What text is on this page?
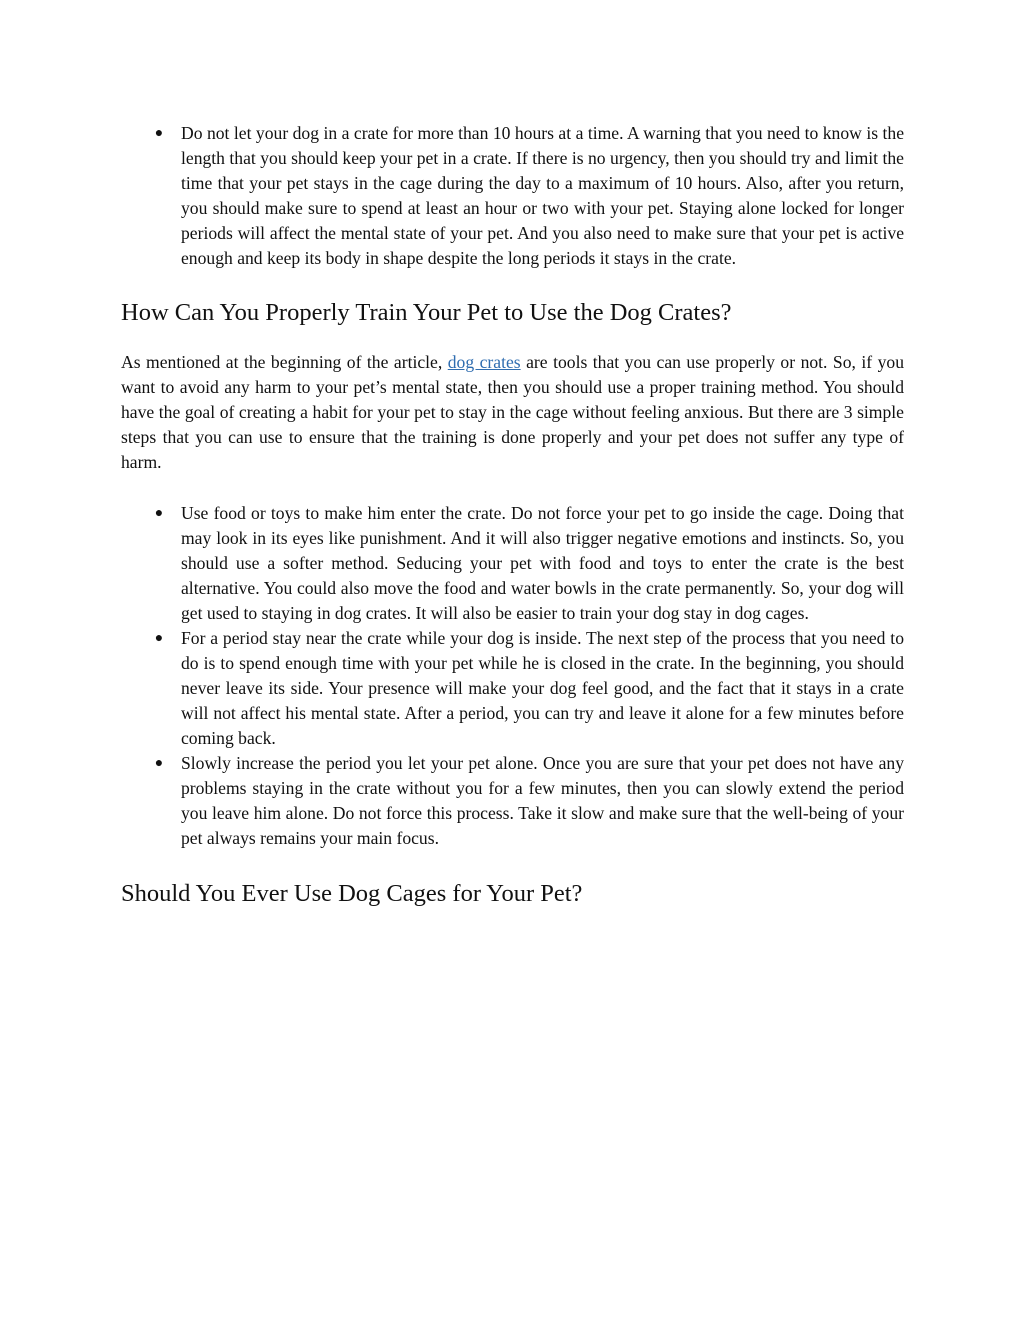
● Do not let your dog in a crate for more than 10 hours at a time. A warning that you need to know is the length that you should keep your pet in a crate. If there is no urgency, then you should try and limit the time that your pet stays in the cage during the day to a maximum of 10 hours. Also, after you return, you should make sure to spend at least an hour or two with your pet. Staying alone locked for longer periods will affect the mental state of your pet. And you also need to make sure that your pet is active enough and keep its body in shape despite the long periods it stays in the crate.
How Can You Properly Train Your Pet to Use the Dog Crates?

As mentioned at the beginning of the article, dog crates are tools that you can use properly or not. So, if you want to avoid any harm to your pet’s mental state, then you should use a proper training method. You should have the goal of creating a habit for your pet to stay in the cage without feeling anxious. But there are 3 simple steps that you can use to ensure that the training is done properly and your pet does not suffer any type of harm.

● Use food or toys to make him enter the crate. Do not force your pet to go inside the cage. Doing that may look in its eyes like punishment. And it will also trigger negative emotions and instincts. So, you should use a softer method. Seducing your pet with food and toys to enter the crate is the best alternative. You could also move the food and water bowls in the crate permanently. So, your dog will get used to staying in dog crates. It will also be easier to train your dog stay in dog cages.
● For a period stay near the crate while your dog is inside. The next step of the process that you need to do is to spend enough time with your pet while he is closed in the crate. In the beginning, you should never leave its side. Your presence will make your dog feel good, and the fact that it stays in a crate will not affect his mental state. After a period, you can try and leave it alone for a few minutes before coming back.
● Slowly increase the period you let your pet alone. Once you are sure that your pet does not have any problems staying in the crate without you for a few minutes, then you can slowly extend the period you leave him alone. Do not force this process. Take it slow and make sure that the well-being of your pet always remains your main focus.
Should You Ever Use Dog Cages for Your Pet?
